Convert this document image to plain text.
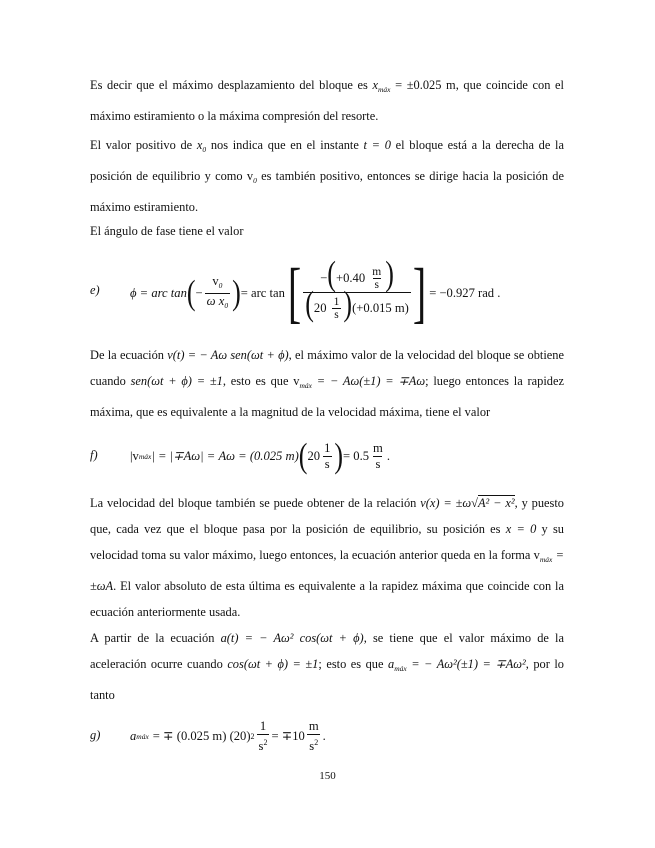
Es decir que el máximo desplazamiento del bloque es $x_{máx} = \pm 0.025$ m, que coincide con el máximo estiramiento o la máxima compresión del resorte.
El valor positivo de $x_0$ nos indica que en el instante t = 0 el bloque está a la derecha de la posición de equilibrio y como $v_0$ es también positivo, entonces se dirige hacia la posición de máximo estiramiento.
El ángulo de fase tiene el valor
e) ϕ = arc tan ( − $\frac{v_0}{\omega x_0}$ ) = arc tan [ $\frac{-(+0.40 \frac{m}{s} )}{(20 \frac{1}{s} )(+0.015 m)}$ ] = −0.927 rad .
De la ecuación v(t) = − Aω sen(ωt + ϕ), el máximo valor de la velocidad del bloque se obtiene cuando sen(ωt + ϕ) = ±1, esto es que $v_{máx}$ = − Aω(±1) = ∓Aω; luego entonces la rapidez máxima, que es equivalente a la magnitud de la velocidad máxima, tiene el valor
f)	|v máx | = |∓Aω| = Aω = (0.025 m) ( $20 \frac{1}{s}$ ) = $0.5 \frac{m}{s}$ .
La velocidad del bloque también se puede obtener de la relación v(x) = ±ω√A² − x², y puesto que, cada vez que el bloque pasa por la posición de equilibrio, su posición es x = 0 y su velocidad toma su valor máximo, luego entonces, la ecuación anterior queda en la forma $v_{máx} = \pm\omega A$. El valor absoluto de esta última es equivalente a la rapidez máxima que coincide con la ecuación anteriormente usada.
A partir de la ecuación a(t) = − Aω² cos(ωt + ϕ), se tiene que el valor máximo de la aceleración ocurre cuando cos(ωt + ϕ) = ±1; esto es que $a_{máx}$ = − Aω²(±1) = ∓Aω², por lo tanto
g) a máx = ∓ (0.025 m) (20) $2 \frac{1}{s^2} = \mp 10 \frac{m}{s^2}$ .
150
